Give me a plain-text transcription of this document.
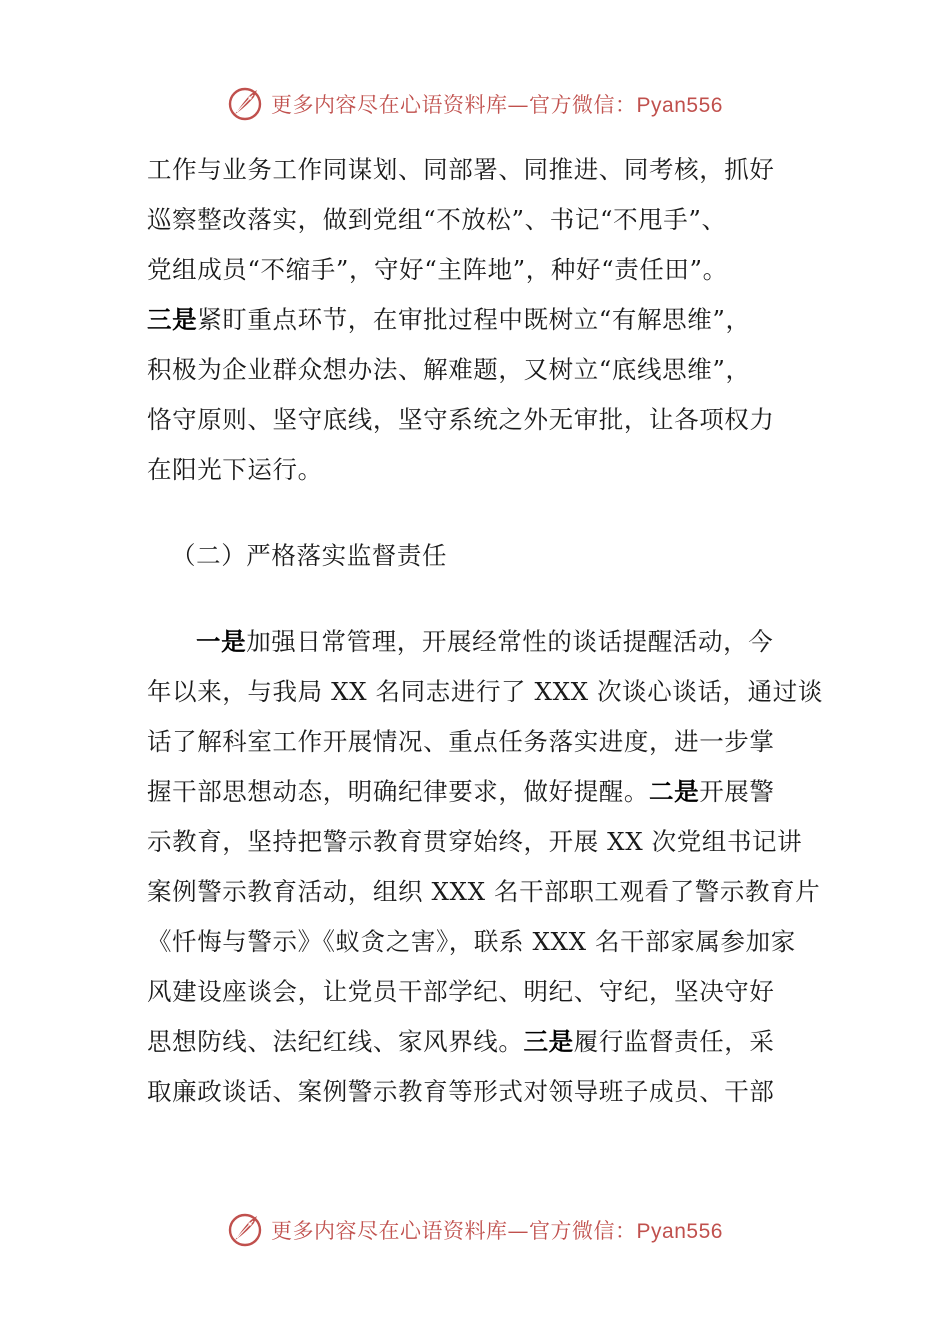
更多内容尽在心语资料库—官方微信：Pyan556
工作与业务工作同谋划、同部署、同推进、同考核，抓好
巡察整改落实，做到党组“不放松”、书记“不甩手”、
党组成员“不缩手”，守好“主阵地”，种好“责任田”。
三是紧盯重点环节，在审批过程中既树立“有解思维”，
积极为企业群众想办法、解难题，又树立“底线思维”，
恪守原则、坚守底线，坚守系统之外无审批，让各项权力
在阳光下运行。
（二）严格落实监督责任
一是加强日常管理，开展经常性的谈话提醒活动，今
年以来，与我局 XX 名同志进行了 XXX 次谈心谈话，通过谈
话了解科室工作开展情况、重点任务落实进度，进一步掌
握干部思想动态，明确纪律要求，做好提醒。二是开展警
示教育，坚持把警示教育贯穿始终，开展 XX 次党组书记讲
案例警示教育活动，组织 XXX 名干部职工观看了警示教育片
《忏悔与警示》《蚁贪之害》，联系 XXX 名干部家属参加家
风建设座谈会，让党员干部学纪、明纪、守纪，坚决守好
思想防线、法纪红线、家风界线。三是履行监督责任，采
取廉政谈话、案例警示教育等形式对领导班子成员、干部
更多内容尽在心语资料库—官方微信：Pyan556
